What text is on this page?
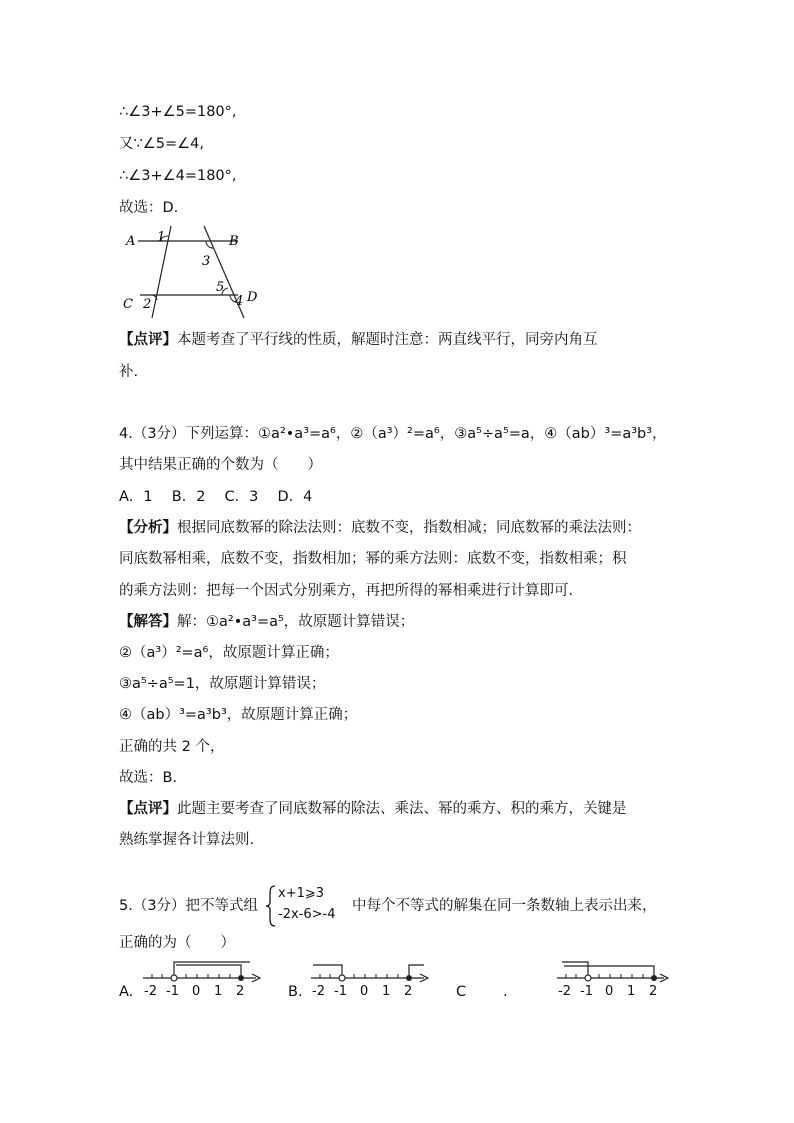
∴∠3+∠5=180°,
又∵∠5=∠4,
∴∠3+∠4=180°,
故选：D.
A	B
C	D
1
2
3
4
5
【点评】本题考查了平行线的性质，解题时注意：两直线平行，同旁内角互
补.
4.（3分）下列运算：①a²•a³=a⁶，②（a³）²=a⁶，③a⁵÷a⁵=a，④（ab）³=a³b³，
其中结果正确的个数为（　　）
A．1　 B．2　 C．3　 D．4
【分析】根据同底数幂的除法法则：底数不变，指数相减；同底数幂的乘法法则：
同底数幂相乘，底数不变，指数相加；幂的乘方法则：底数不变，指数相乘；积
的乘方法则：把每一个因式分别乘方，再把所得的幂相乘进行计算即可.
【解答】解：①a²•a³=a⁵，故原题计算错误；
②（a³）²=a⁶，故原题计算正确；
③a⁵÷a⁵=1，故原题计算错误；
④（ab）³=a³b³，故原题计算正确；
正确的共 2 个，
故选：B.
【点评】此题主要考查了同底数幂的除法、乘法、幂的乘方、积的乘方，关键是
熟练掌握各计算法则.
5.（3分）把不等式组
x+1⩾3
-2x-6>-4
中每个不等式的解集在同一条数轴上表示出来，
正确的为（　　）
A. -2 -1 0 1 2	B. -2 -1 0 1 2	C	.	-2 -1 0 1 2
